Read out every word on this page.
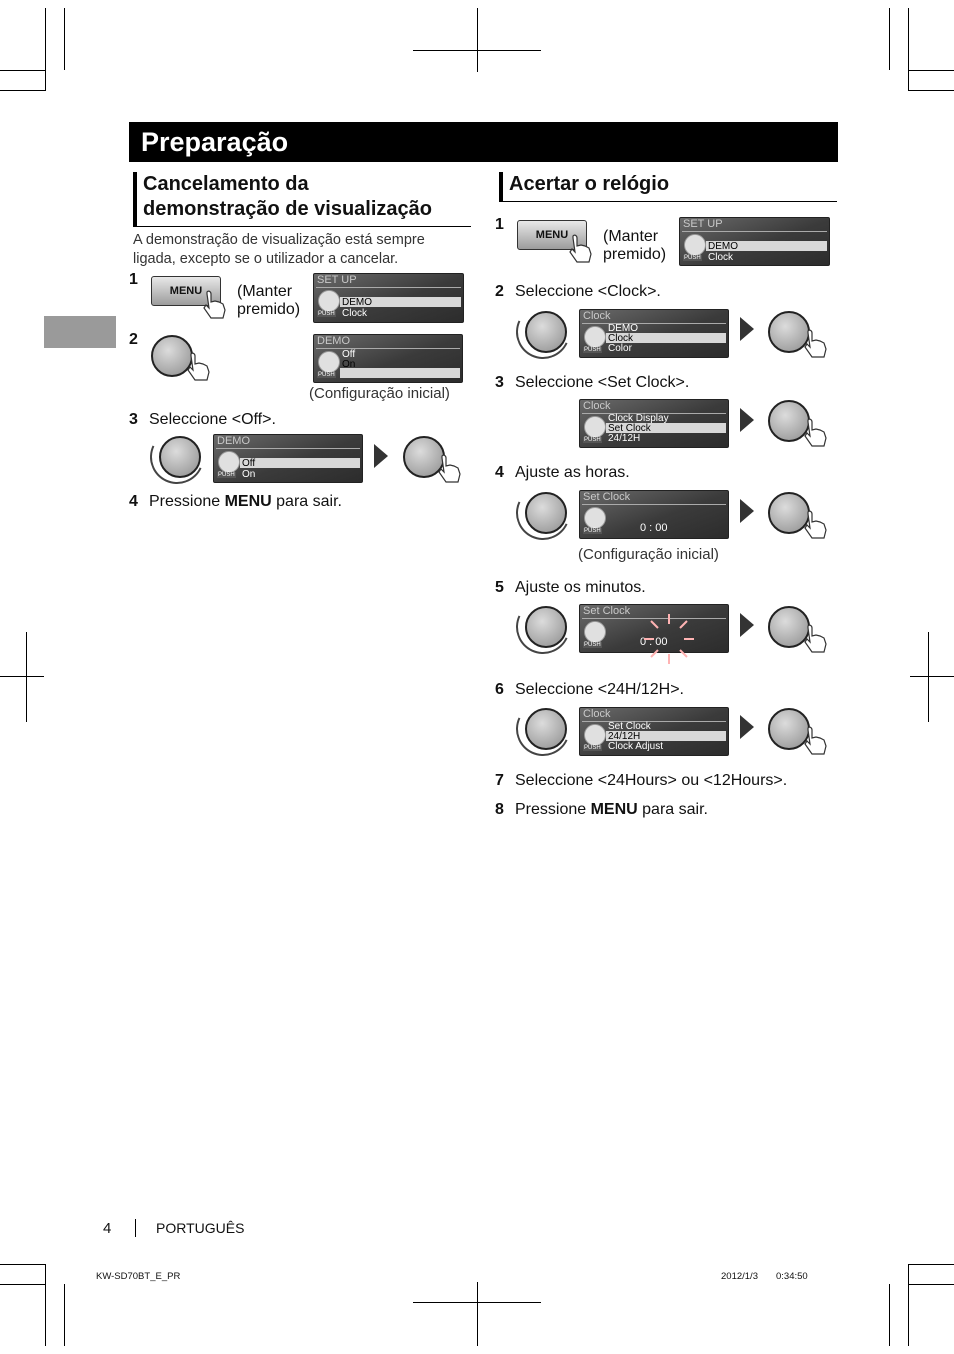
Preparação
Cancelamento da
demonstração de visualização
A demonstração de visualização está sempre
ligada, excepto se o utilizador a cancelar.
1
MENU	(Manter
premido)
SET UP
PUSH
DEMO
Clock
2	DEMO
PUSH
Off
On
(Configuração inicial)
3 Seleccione <Off>.
DEMO
PUSH
Off
On
4 Pressione MENU para sair.
Acertar o relógio
1
MENU	(Manter
premido)
SET UP
PUSH
DEMO
Clock
2 Seleccione <Clock>.
Clock
PUSH
DEMO
Clock
Color
3 Seleccione <Set Clock>.
Clock
PUSH
Clock Display
Set Clock
24/12H
4 Ajuste as horas.
Set Clock
PUSH	0 : 00
(Configuração inicial)
5 Ajuste os minutos.
Set Clock
PUSH	0 : 00
6 Seleccione <24H/12H>.
Clock
PUSH
Set Clock
24/12H
Clock Adjust
7 Seleccione <24Hours> ou <12Hours>.
8 Pressione MENU para sair.
4	PORTUGUÊS
KW-SD70BT_E_PR	2012/1/3 0:34:50
